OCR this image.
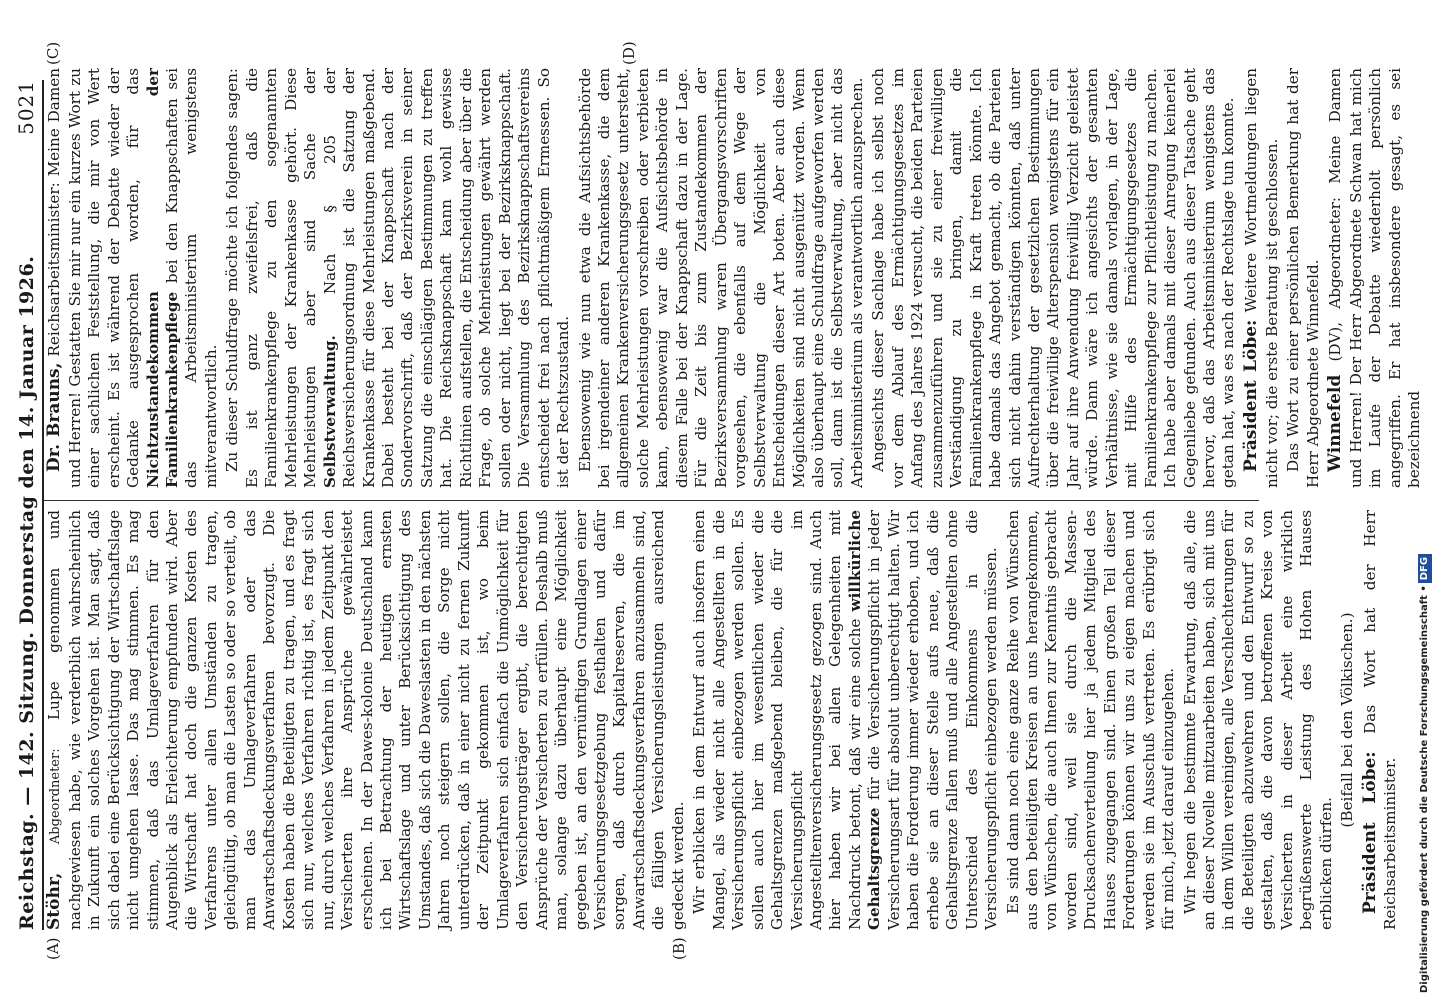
Reichstag. — 142. Sitzung. Donnerstag den 14. Januar 1926.
5021
(A)	(B)
(C)	(D)

Stöhr, Abgeordneter: Lupe genommen und nachgewiesen habe, wie verderblich wahrscheinlich in Zukunft ein solches Vorgehen ist. Man sagt, daß sich dabei eine Berücksichtigung der Wirtschaftslage nicht umgehen lasse. Das mag stimmen. Es mag stimmen, daß das Umlageverfahren für den Augenblick als Erleichterung empfunden wird. Aber die Wirtschaft hat doch die ganzen Kosten des Verfahrens unter allen Umständen zu tragen, gleichgültig, ob man die Lasten so oder so verteilt, ob man das Umlageverfahren oder das Anwartschaftsdeckungsverfahren bevorzugt. Die Kosten haben die Beteiligten zu tragen, und es fragt sich nur, welches Verfahren richtig ist, es fragt sich nur, durch welches Verfahren in jedem Zeitpunkt den Versicherten ihre Ansprüche gewährleistet erscheinen. In der Dawes-kolonie Deutschland kann ich bei Betrachtung der heutigen ernsten Wirtschaftslage und unter Berücksichtigung des Umstandes, daß sich die Daweslasten in den nächsten Jahren noch steigern sollen, die Sorge nicht unterdrücken, daß in einer nicht zu fernen Zukunft der Zeitpunkt gekommen ist, wo beim Umlageverfahren sich einfach die Unmöglichkeit für den Versicherungsträger ergibt, die berechtigten Ansprüche der Versicherten zu erfüllen. Deshalb muß man, solange dazu überhaupt eine Möglichkeit gegeben ist, an den vernünftigen Grundlagen einer Versicherungsgesetzgebung festhalten und dafür sorgen, daß durch Kapitalreserven, die im Anwartschaftsdeckungsverfahren anzusammeln sind, die fälligen Versicherungsleistungen ausreichend gedeckt werden. Wir erblicken in dem Entwurf auch insofern einen Mangel, als wieder nicht alle Angestellten in die Versicherungspflicht einbezogen werden sollen. Es sollen auch hier im wesentlichen wieder die Gehaltsgrenzen maßgebend bleiben, die für die Versicherungspflicht im Angestelltenversicherungsgesetz gezogen sind. Auch hier haben wir bei allen Gelegenheiten mit Nachdruck betont, daß wir eine solche willkürliche Gehaltsgrenze für die Versicherungspflicht in jeder Versicherungsart für absolut unberechtigt halten. Wir haben die Forderung immer wieder erhoben, und ich erhebe sie an dieser Stelle aufs neue, daß die Gehaltsgrenze fallen muß und alle Angestellten ohne Unterschied des Einkommens in die Versicherungspflicht einbezogen werden müssen. Es sind dann noch eine ganze Reihe von Wünschen aus den beteiligten Kreisen an uns herangekommen, von Wünschen, die auch Ihnen zur Kenntnis gebracht worden sind, weil sie durch die Massen-Drucksachenverteilung hier ja jedem Mitglied des Hauses zugegangen sind. Einen großen Teil dieser Forderungen können wir uns zu eigen machen und werden sie im Ausschuß vertreten. Es erübrigt sich für mich, jetzt darauf einzugehen. Wir hegen die bestimmte Erwartung, daß alle, die an dieser Novelle mitzuarbeiten haben, sich mit uns in dem Willen vereinigen, alle Verschlechterungen für die Beteiligten abzuwehren und den Entwurf so zu gestalten, daß die davon betroffenen Kreise von Versicherten in dieser Arbeit eine wirklich begrüßenswerte Leistung des Hohen Hauses erblicken dürfen.

(Beifall bei den Völkischen.)

Präsident Löbe: Das Wort hat der Herr Reichsarbeitsminister.

Dr. Brauns, Reichsarbeitsminister: Meine Damen und Herren! Gestatten Sie mir nur ein kurzes Wort zu einer sachlichen Feststellung, die mir von Wert erscheint. Es ist während der Debatte wieder der Gedanke ausgesprochen worden, für das Nichtzustandekommen der Familienkrankenpflege bei den Knappschaften sei das Arbeitsministerium wenigstens mitverantwortlich. Zu dieser Schuldfrage möchte ich folgendes sagen: Es ist ganz zweifelsfrei, daß die Familienkrankenpflege zu den sogenannten Mehrleistungen der Krankenkasse gehört. Diese Mehrleistungen aber sind Sache der Selbstverwaltung. Nach § 205 der Reichsversicherungsordnung ist die Satzung der Krankenkasse für diese Mehrleistungen maßgebend. Dabei besteht bei der Knappschaft nach der Sondervorschrift, daß der Bezirksverein in seiner Satzung die einschlägigen Bestimmungen zu treffen hat. Die Reichsknappschaft kann wohl gewisse Richtlinien aufstellen, die Entscheidung aber über die Frage, ob solche Mehrleistungen gewährt werden sollen oder nicht, liegt bei der Bezirksknappschaft. Die Versammlung des Bezirksknappschaftsvereins entscheidet frei nach pflichtmäßigem Ermessen. So ist der Rechtszustand. Ebensowenig wie nun etwa die Aufsichtsbehörde bei irgendeiner anderen Krankenkasse, die dem allgemeinen Krankenversicherungsgesetz untersteht, solche Mehrleistungen vorschreiben oder verbieten kann, ebensowenig war die Aufsichtsbehörde in diesem Falle bei der Knappschaft dazu in der Lage. Für die Zeit bis zum Zustandekommen der Bezirksversammlung waren Übergangsvorschriften vorgesehen, die ebenfalls auf dem Wege der Selbstverwaltung die Möglichkeit von Entscheidungen dieser Art boten. Aber auch diese Möglichkeiten sind nicht ausgenützt worden. Wenn also überhaupt eine Schuldfrage aufgeworfen werden soll, dann ist die Selbstverwaltung, aber nicht das Arbeitsministerium als verantwortlich anzusprechen. Angesichts dieser Sachlage habe ich selbst noch vor dem Ablauf des Ermächtigungsgesetzes im Anfang des Jahres 1924 versucht, die beiden Parteien zusammenzuführen und sie zu einer freiwilligen Verständigung zu bringen, damit die Familienkrankenpflege in Kraft treten könnte. Ich habe damals das Angebot gemacht, ob die Parteien sich nicht dahin verständigen könnten, daß unter Aufrechterhaltung der gesetzlichen Bestimmungen über die freiwillige Alterspension wenigstens für ein Jahr auf ihre Anwendung freiwillig Verzicht geleistet würde. Dann wäre ich angesichts der gesamten Verhältnisse, wie sie damals vorlagen, in der Lage, mit Hilfe des Ermächtigungsgesetzes die Familienkrankenpflege zur Pflichtleistung zu machen. Ich habe aber damals mit dieser Anregung keinerlei Gegenliebe gefunden. Auch aus dieser Tatsache geht hervor, daß das Arbeitsministerium wenigstens das getan hat, was es nach der Rechtslage tun konnte. Präsident Löbe: Weitere Wortmeldungen liegen nicht vor; die erste Beratung ist geschlossen. Das Wort zu einer persönlichen Bemerkung hat der Herr Abgeordnete Winnefeld. Winnefeld (DV), Abgeordneter: Meine Damen und Herren! Der Herr Abgeordnete Schwan hat mich im Laufe der Debatte wiederholt persönlich angegriffen. Er hat insbesondere gesagt, es sei bezeichnend

Digitalisierung gefördert durch die Deutsche Forschungsgemeinschaft •DFG
